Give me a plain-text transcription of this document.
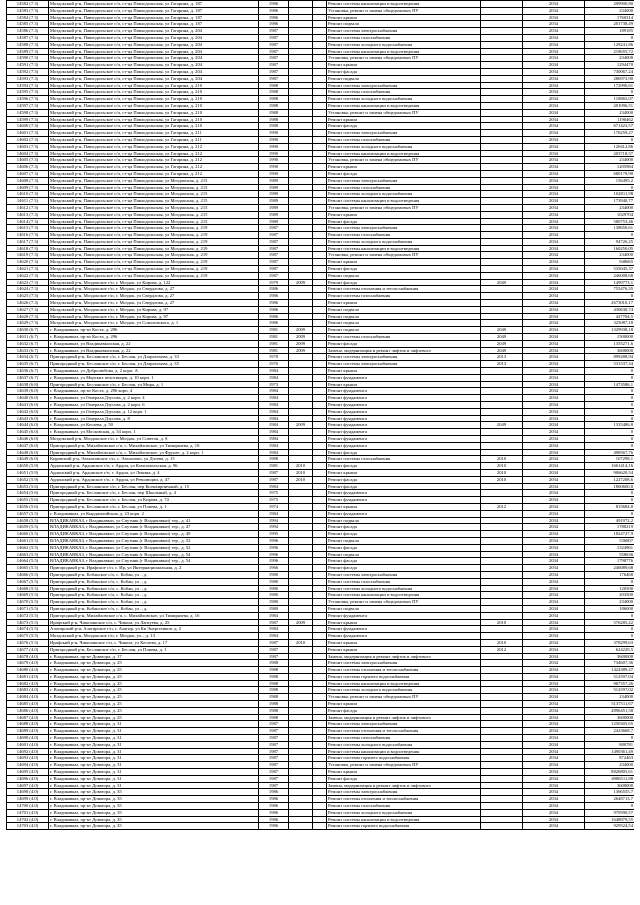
14582 (7.3)	Моздокский р-н, Павлодольское с/п, ст-ца Павлодольская, ул Гагарина, д. 187	1986			Ремонт системы канализации и водоотведения		2034	209900,80
14583 (7.3)	Моздокский р-н, Павлодольское с/п, ст-ца Павлодольская, ул Гагарина, д. 187	1986			Установка, ремонт и замена общедомовых ПУ		2034	234000
14584 (7.3)	Моздокский р-н, Павлодольское с/п, ст-ца Павлодольская, ул Гагарина, д. 187	1986			Ремонт крыши		2034	1760314
14585 (7.3)	Моздокский р-н, Павлодольское с/п, ст-ца Павлодольская, ул Гагарина, д. 187	1986			Ремонт подвала		2034	201738,49
14586 (7.3)	Моздокский р-н, Павлодольское с/п, ст-ца Павлодольская, ул Гагарина, д. 204	1987			Ремонт системы электроснабжения		2034	189185
14587 (7.3)	Моздокский р-н, Павлодольское с/п, ст-ца Павлодольская, ул Гагарина, д. 204	1987			Ремонт системы газоснабжения		2034	0
14588 (7.3)	Моздокский р-н, Павлодольское с/п, ст-ца Павлодольская, ул Гагарина, д. 204	1987			Ремонт системы холодного водоснабжения		2034	129241,86
14589 (7.3)	Моздокский р-н, Павлодольское с/п, ст-ца Павлодольская, ул Гагарина, д. 204	1987			Ремонт системы канализации и водоотведения		2034	218655,72
14590 (7.3)	Моздокский р-н, Павлодольское с/п, ст-ца Павлодольская, ул Гагарина, д. 204	1987			Установка, ремонт и замена общедомовых ПУ		2034	234000
14591 (7.3)	Моздокский р-н, Павлодольское с/п, ст-ца Павлодольская, ул Гагарина, д. 204	1987			Ремонт крыши		2034	1294470
14592 (7.3)	Моздокский р-н, Павлодольское с/п, ст-ца Павлодольская, ул Гагарина, д. 204	1987			Ремонт фасада		2034	730067,24
14593 (7.3)	Моздокский р-н, Павлодольское с/п, ст-ца Павлодольская, ул Гагарина, д. 204	1987			Ремонт подвала		2034	286973,90
14594 (7.3)	Моздокский р-н, Павлодольское с/п, ст-ца Павлодольская, ул Гагарина, д. 210	1988			Ремонт системы электроснабжения		2034	172990,61
14595 (7.3)	Моздокский р-н, Павлодольское с/п, ст-ца Павлодольская, ул Гагарина, д. 210	1988			Ремонт системы газоснабжения		2034	0
14596 (7.3)	Моздокский р-н, Павлодольское с/п, ст-ца Павлодольская, ул Гагарина, д. 210	1988			Ремонт системы холодного водоснабжения		2034	118865,07
14597 (7.3)	Моздокский р-н, Павлодольское с/п, ст-ца Павлодольская, ул Гагарина, д. 210	1988			Ремонт системы канализации и водоотведения		2034	201096,51
14598 (7.3)	Моздокский р-н, Павлодольское с/п, ст-ца Павлодольская, ул Гагарина, д. 210	1988			Установка, ремонт и замена общедомовых ПУ		2034	234000
14599 (7.3)	Моздокский р-н, Павлодольское с/п, ст-ца Павлодольская, ул Гагарина, д. 210	1988			Ремонт крыши		2034	1190462
14600 (7.3)	Моздокский р-н, Павлодольское с/п, ст-ца Павлодольская, ул Гагарина, д. 210	1988			Ремонт фасада		2034	671423,57
14601 (7.3)	Моздокский р-н, Павлодольское с/п, ст-ца Павлодольская, ул Гагарина, д. 211	1990			Ремонт системы электроснабжения		2034	176259,27
14602 (7.3)	Моздокский р-н, Павлодольское с/п, ст-ца Павлодольская, ул Гагарина, д. 211	1990			Ремонт системы газоснабжения		2034	0
14603 (7.3)	Моздокский р-н, Павлодольское с/п, ст-ца Павлодольская, ул Гагарина, д. 212	1990			Ремонт системы холодного водоснабжения		2034	120412,86
14604 (7.3)	Моздокский р-н, Павлодольское с/п, ст-ца Павлодольская, ул Гагарина, д. 212	1990			Ремонт системы канализации и водоотведения		2034	203718,57
14605 (7.3)	Моздокский р-н, Павлодольское с/п, ст-ца Павлодольская, ул Гагарина, д. 212	1990			Установка, ремонт и замена общедомовых ПУ		2034	234000
14606 (7.3)	Моздокский р-н, Павлодольское с/п, ст-ца Павлодольская, ул Гагарина, д. 212	1990			Ремонт крыши		2034	1205984
14607 (7.3)	Моздокский р-н, Павлодольское с/п, ст-ца Павлодольская, ул Гагарина, д. 212	1990			Ремонт фасада		2034	680179,90
14608 (7.3)	Моздокский р-н, Павлодольское с/п, ст-ца Павлодольская, ул Моздокская, д. 215	1989			Ремонт системы электроснабжения		2034	156495,2
14609 (7.3)	Моздокский р-н, Павлодольское с/п, ст-ца Павлодольская, ул Моздокская, д. 215	1989			Ремонт системы газоснабжения		2034	0
14610 (7.3)	Моздокский р-н, Павлодольское с/п, ст-ца Павлодольская, ул Моздокская, д. 215	1989			Ремонт системы холодного водоснабжения		2034	102811,98
14611 (7.3)	Моздокский р-н, Павлодольское с/п, ст-ца Павлодольская, ул Моздокская, д. 215	1989			Ремонт системы канализации и водоотведения		2034	173940,77
14612 (7.3)	Моздокский р-н, Павлодольское с/п, ст-ца Павлодольская, ул Моздокская, д. 215	1989			Установка, ремонт и замена общедомовых ПУ		2034	234000
14613 (7.3)	Моздокский р-н, Павлодольское с/п, ст-ца Павлодольская, ул Моздокская, д. 215	1989			Ремонт крыши		2034	1029704
14614 (7.3)	Моздокский р-н, Павлодольское с/п, ст-ца Павлодольская, ул Моздокская, д. 215	1989			Ремонт фасада		2034	580753,46
14615 (7.3)	Моздокский р-н, Павлодольское с/п, ст-ца Павлодольская, ул Моздокская, д. 219	1987			Ремонт системы электроснабжения		2034	138650,61
14616 (7.3)	Моздокский р-н, Павлодольское с/п, ст-ца Павлодольская, ул Моздокская, д. 219	1987			Ремонт системы газоснабжения		2034	0
14617 (7.3)	Моздокский р-н, Павлодольское с/п, ст-ца Павлодольская, ул Моздокская, д. 219	1987			Ремонт системы холодного водоснабжения		2034	94726,25
14618 (7.3)	Моздокский р-н, Павлодольское с/п, ст-ца Павлодольская, ул Моздокская, д. 219	1987			Ремонт системы канализации и водоотведения		2034	160250,05
14619 (7.3)	Моздокский р-н, Павлодольское с/п, ст-ца Павлодольская, ул Моздокская, д. 219	1987			Установка, ремонт и замена общедомовых ПУ		2034	234000
14620 (7.3)	Моздокский р-н, Павлодольское с/п, ст-ца Павлодольская, ул Моздокская, д. 219	1987			Ремонт крыши		2034	948665
14621 (7.3)	Моздокский р-н, Павлодольское с/п, ст-ца Павлодольская, ул Моздокская, д. 219	1987			Ремонт фасада		2034	535045,37
14622 (7.3)	Моздокский р-н, Павлодольское с/п, ст-ца Павлодольская, ул Моздокская, д. 219	1987			Ремонт подвала		2034	246008,68
14623 (7.3)	Моздокский р-н, Моздокское г/п, г. Моздок, ул Кирова, д. 122	1979	2009		Ремонт фасада	2049	2034	1499773,1
14624 (7.3)	Моздокский р-н, Моздокское г/п, г. Моздок, ул Свердлова, д. 27	1986			Ремонт системы отопления и теплоснабжения		2034	755476,35
14625 (7.3)	Моздокский р-н, Моздокское г/п, г. Моздок, ул Свердлова, д. 27	1986			Ремонт системы газоснабжения		2034	0
14626 (7.3)	Моздокский р-н, Моздокское г/п, г. Моздок, ул Свердлова, д. 27	1986			Ремонт крыши		2034	2673010,17
14627 (7.3)	Моздокский р-н, Моздокское г/п, г. Моздок, ул Кирова, д. 97	1986			Ремонт подвала		2034	430630,74
14628 (7.3)	Моздокский р-н, Моздокское г/п, г. Моздок, ул Кирова, д. 97	1986			Ремонт подвала		2034	427704,5
14629 (7.3)	Моздокский р-н, Моздокское г/п, г. Моздок, ул Соколовского, д. 1	1986			Ремонт подвала		2034	325087,18
14630 (6.7)	г. Владикавказ, пр-кт Коста, д. 296	1981	2009		Ремонт подвала	2049	2034	1329938,18
14631 (6.7)	г. Владикавказ, пр-кт Коста, д. 296	1981	2009		Ремонт системы газоснабжения	2049	2034	1500000
14632 (6.7)	г. Владикавказ, ул Владикавказская, д. 22	1981	2009		Ремонт фасада	2049	2034	1355271,6
14633 (6.7)	г. Владикавказ, ул Владикавказская, д. 22	1981	2009		Замена, модернизация и ремонт лифтов и лифтового	2049	2034	3600000
14634 (6.7)	Пригородный р-н, Бесланское с/п, г. Беслан, ул Дзарахохова, д. 33	1978			Ремонт системы электроснабжения	2013	2034	899288,94
14635 (6.7)	Пригородный р-н, Бесланское с/п, г. Беслан, ул Дзарахохова, д. 35	1976			Ремонт системы электроснабжения	2013	2034	531537,34
14636 (6.7)	г. Владикавказ, ул Добролюбова, д. 2 корп. А	1984			Ремонт крыши		2034	0
14637 (6.7)	г. Владикавказ, ул Морских пехотинцев, д. 10 корп. 1	1984			Ремонт фундамента		2034	0
14638 (6.8)	Пригородный р-н, Бесланское с/п, г. Беслан, ул Мира, д. 1	1973			Ремонт крыши		2034	1473586,1
14639 (6.0)	г. Владикавказ, пр-кт Коста, д. 296 корп. 4	1984			Ремонт фундамента		2034	0
14640 (6.0)	г. Владикавказ, ул Генерала Дзусова, д. 2 корп. 4	1984			Ремонт фундамента		2034	0
14641 (6.0)	г. Владикавказ, ул Генерала Дзусова, д. 2 корп. 6	1984			Ремонт фундамента		2034	0
14642 (6.0)	г. Владикавказ, ул Генерала Дзусова, д. 12 корп. 1	1984			Ремонт фундамента		2034	0
14643 (6.0)	г. Владикавказ, ул Генерала Дзусова, д. 8	1984			Ремонт фундамента		2034	0
14644 (6.0)	г. Владикавказ, ул Кесаева, д. 50	1984	2009		Ремонт фундамента	2049	2034	1335486,8
14645 (6.0)	г. Владикавказ, ул Московская, д. 54 корп. 1	1984			Ремонт фундамента		2034	0
14646 (6.0)	Моздокский р-н, Моздокское г/п, г. Моздок, ул Советов, д. 8	1984			Ремонт фундамента		2034	0
14647 (6.0)	Пригородный р-н, Михайловское с/п, с. Михайловское, ул Тимирязева, д. 18	1984			Ремонт фундамента		2034	0
14648 (6.0)	Пригородный р-н, Михайловское с/п, с. Михайловское, ул Фрунзе, д. 2 корп. 1	1984			Ремонт фасада		2034	498567,76
14649 (6.0)	Кировский р-н, Эльхотовское с/п, с. Эльхотово, ул Дзоева, д. 15	1988			Ремонт системы газоснабжения	2010	2034	107298,1
14650 (5.9)	Ардонский р-н, Ардонское г/п, г. Ардон, ул Комсомольская, д. 96	1981	2010		Ремонт фасада	2010	2034	1661414,16
14651 (5.9)	Ардонский р-н, Ардонское г/п, г. Ардон, ул Ленина, д. 4	1987	2010		Ремонт крыши	2010	2034	906620,54
14652 (5.9)	Ардонский р-н, Ардонское г/п, г. Ардон, ул Революции, д. 47	1987	2010		Ремонт фасада	2010	2034	1227208,6
14653 (5.6)	Пригородный р-н, Бесланское с/п, г. Беслан, пер Коопкирпичный, д. 15	1984			Ремонт фасада		2034	1860600,8
14654 (5.6)	Пригородный р-н, Бесланское с/п, г. Беслан, пер Школьный, д. 4	1975			Ремонт фундамента		2034	0
14655 (5.6)	Пригородный р-н, Бесланское с/п, г. Беслан, ул Кирова, д. 74	1975			Ремонт фундамента		2034	0
14656 (5.6)	Пригородный р-н, Бесланское с/п, г. Беслан, ул Плиева, д. 1	1974			Ремонт крыши	2012	2034	815684,8
14657 (5.5)	г. Владикавказ, ул Кырджалийская, д. 23 корп. 2	1984			Ремонт фундамента		2034	0
14658 (5.5)	ВЛАДИКАВКАЗ, г Владикавказ, ул Спутник (г Владикавказ) тер., д. 41	1994			Ремонт подвала		2034	491972,2
14659 (5.5)	ВЛАДИКАВКАЗ, г Владикавказ, ул Спутник (г Владикавказ) тер., д. 47	1994			Ремонт фасада		2034	1780219
14660 (5.5)	ВЛАДИКАВКАЗ, г Владикавказ, ул Спутник (г Владикавказ) тер., д. 49	1995			Ремонт фасада		2034	1824727,9
14661 (5.5)	ВЛАДИКАВКАЗ, г Владикавказ, ул Спутник (г Владикавказ) тер., д. 52	1996			Ремонт подвала		2034	536807
14662 (5.5)	ВЛАДИКАВКАЗ, г Владикавказ, ул Спутник (г Владикавказ) тер., д. 52	1996			Ремонт фасада		2034	1324961
14663 (5.5)	ВЛАДИКАВКАЗ, г Владикавказ, ул Спутник (г Владикавказ) тер., д. 54	1996			Ремонт подвала		2034	558636
14664 (5.5)	ВЛАДИКАВКАЗ, г Владикавказ, ул Спутник (г Владикавказ) тер., д. 54	1996			Ремонт фасада		2034	1798776
14665 (5.5)	Пригородный р-н, Ирафское с/п, с. Ир, ул Интернациональная, д. 2	1966			Ремонт фасада		2034	246089,68
14666 (5.5)	Пригородный р-н, Кобанское с/п, с. Кобан, ул ., д.	1980			Ремонт системы электроснабжения		2034	176468
14667 (5.5)	Пригородный р-н, Кобанское с/п, с. Кобан, ул ., д.	1980			Ремонт системы газоснабжения		2034	0
14668 (5.5)	Пригородный р-н, Кобанское с/п, с. Кобан, ул ., д.	1980			Ремонт системы холодного водоснабжения		2034	120500
14669 (5.5)	Пригородный р-н, Кобанское с/п, с. Кобан, ул ., д.	1980			Ремонт системы канализации и водоотведения		2034	203500
14670 (5.5)	Пригородный р-н, Кобанское с/п, с. Кобан, ул ., д.	1980			Установка, ремонт и замена общедомовых ПУ		2034	234000
14671 (5.5)	Пригородный р-н, Кобанское с/п, с. Кобан, ул ., д.	1980			Ремонт подвала		2034	186000
14672 (5.5)	Пригородный р-н, Михайловское с/п, с. Михайловское, ул Тимирязева, д. 16	1984			Ремонт фундамента		2034	0
14673 (5.5)	Ирафский р-н, Чиколинское с/п, с. Чиколa, ул Лагкуева, д. 25	1987	2009		Ремонт крыши	2010	2034	576285,22
14674 (5.5)	Алагирский р-н, Алагирское г/п, г. Алагир, ул Кв Энергетиков, д. 2	1984			Ремонт фундамента		2034	0
14675 (5.5)	Моздокский р-н, Моздокское г/п, г. Моздок, ул ., д. 13	1984			Ремонт фундамента		2034	0
14676 (5.5)	Ирафский р-н, Чиколинское с/п, с. Чикола, ул Кесаева, д. 17	1987	2010		Ремонт крыши	2010	2034	378299,63
14677 (4.0)	Пригородный р-н, Бесланское с/п, г. Беслан, ул Плиева, д. 1	1987			Ремонт крыши	2012	2034	624229,5
14678 (4.0)	г. Владикавказ, пр-кт Доватора, д. 17	1987			Замена, модернизация и ремонт лифтов и лифтового		2034	3600000
14679 (4.0)	г. Владикавказ, пр-кт Доватора, д. 25	1988			Ремонт системы электроснабжения		2034	734607,36
14680 (4.0)	г. Владикавказ, пр-кт Доватора, д. 25	1988			Ремонт системы отопления и теплоснабжения		2034	1424389,47
14681 (4.0)	г. Владикавказ, пр-кт Доватора, д. 25	1988			Ремонт системы горячего водоснабжения		2034	512597,04
14682 (4.0)	г. Владикавказ, пр-кт Доватора, д. 25	1988			Ремонт системы канализации и водоотведения		2034	867357,26
14683 (4.0)	г. Владикавказ, пр-кт Доватора, д. 25	1988			Ремонт системы холодного водоснабжения		2034	512597,02
14684 (4.0)	г. Владикавказ, пр-кт Доватора, д. 25	1988			Установка, ремонт и замена общедомовых ПУ		2034	234000
14685 (4.0)	г. Владикавказ, пр-кт Доватора, д. 25	1988			Ремонт крыши		2034	5137511,67
14686 (4.0)	г. Владикавказ, пр-кт Доватора, д. 25	1988			Ремонт фасада		2034	2896451,58
14687 (4.0)	г. Владикавказ, пр-кт Доватора, д. 25	1988			Замена, модернизация и ремонт лифтов и лифтового		2034	3600000
14688 (4.0)	г. Владикавказ, пр-кт Доватора, д. 31	1987			Ремонт системы электроснабжения		2034	1250305,65
14689 (4.0)	г. Владикавказ, пр-кт Доватора, д. 31	1987			Ремонт системы отопления и теплоснабжения		2034	2423668,7
14690 (4.0)	г. Владикавказ, пр-кт Доватора, д. 31	1987			Ремонт системы газоснабжения		2034	0
14691 (4.0)	г. Владикавказ, пр-кт Доватора, д. 31	1987			Ремонт системы холодного водоснабжения		2034	880781
14692 (4.0)	г. Владикавказ, пр-кт Доватора, д. 31	1987			Ремонт системы канализации и водоотведения		2034	1490361,49
14693 (4.0)	г. Владикавказ, пр-кт Доватора, д. 31	1987			Ремонт системы горячего водоснабжения		2034	872463
14694 (4.0)	г. Владикавказ, пр-кт Доватора, д. 31	1987			Установка, ремонт и замена общедомовых ПУ		2034	234000
14695 (4.0)	г. Владикавказ, пр-кт Доватора, д. 31	1987			Ремонт крыши		2034	8826805,61
14696 (4.0)	г. Владикавказ, пр-кт Доватора, д. 31	1987			Ремонт фасада		2034	4986511,88
14697 (4.0)	г. Владикавказ, пр-кт Доватора, д. 31	1987			Замена, модернизация и ремонт лифтов и лифтового		2034	3600000
14698 (4.0)	г. Владикавказ, пр-кт Доватора, д. 35	1986			Ремонт системы электроснабжения		2034	1366555,7
14699 (4.0)	г. Владикавказ, пр-кт Доватора, д. 35	1986			Ремонт системы отопления и теплоснабжения		2034	2648713,7
14700 (4.0)	г. Владикавказ, пр-кт Доватора, д. 35	1986			Ремонт системы газоснабжения		2034	0
14701 (4.0)	г. Владикавказ, пр-кт Доватора, д. 35	1986			Ремонт системы холодного водоснабжения		2034	979590,57
14702 (4.0)	г. Владикавказ, пр-кт Доватора, д. 35	1986			Ремонт системы канализации и водоотведения		2034	1648879,55
14703 (4.0)	г. Владикавказ, пр-кт Доватора, д. 35	1986			Ремонт системы горячего водоснабжения		2034	929524,54
